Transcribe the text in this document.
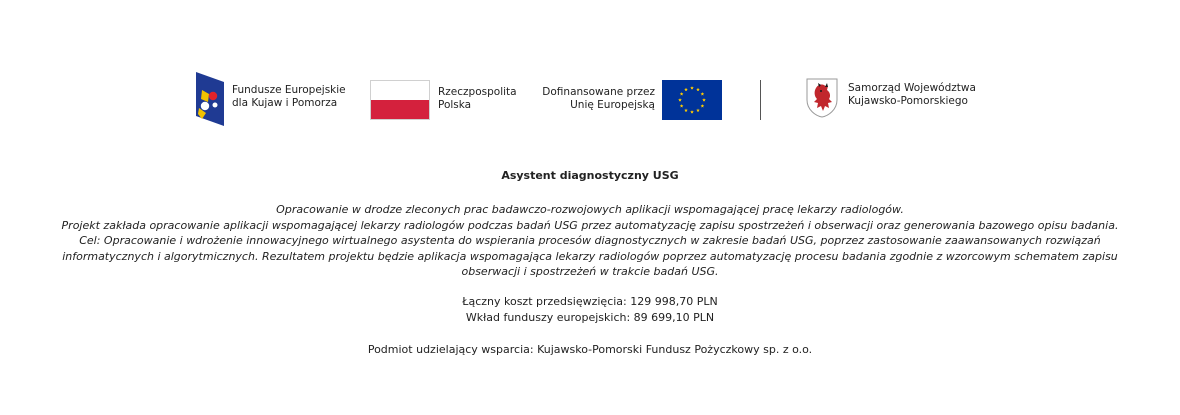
Fundusze Europejskie
dla Kujaw i Pomorza
Rzeczpospolita
Polska
Dofinansowane przez
Unię Europejską
Samorząd Województwa
Kujawsko-Pomorskiego
Asystent diagnostyczny USG

Opracowanie w drodze zleconych prac badawczo-rozwojowych aplikacji wspomagającej pracę lekarzy radiologów.

Projekt zakłada opracowanie aplikacji wspomagającej lekarzy radiologów podczas badań USG przez automatyzację zapisu spostrzeżeń i obserwacji oraz generowania bazowego opisu badania.

Cel: Opracowanie i wdrożenie innowacyjnego wirtualnego asystenta do wspierania procesów diagnostycznych w zakresie badań USG, poprzez zastosowanie zaawansowanych rozwiązań

informatycznych i algorytmicznych. Rezultatem projektu będzie aplikacja wspomagająca lekarzy radiologów poprzez automatyzację procesu badania zgodnie z wzorcowym schematem zapisu

obserwacji i spostrzeżeń w trakcie badań USG.

Łączny koszt przedsięwzięcia: 129 998,70 PLN

Wkład funduszy europejskich: 89 699,10 PLN

Podmiot udzielający wsparcia: Kujawsko-Pomorski Fundusz Pożyczkowy sp. z o.o.
